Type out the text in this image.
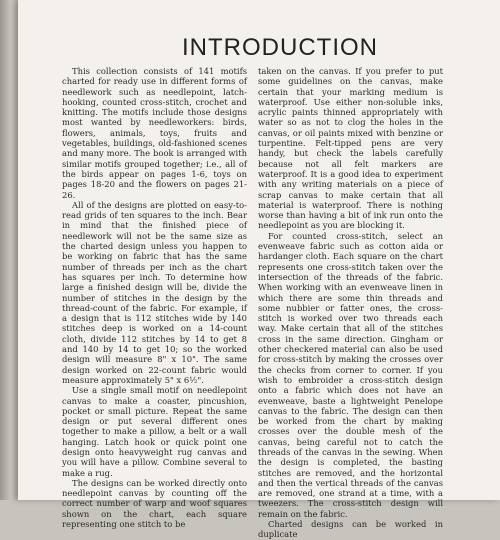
INTRODUCTION

This collection consists of 141 motifs charted for ready use in different forms of needlework such as needlepoint, latch-hooking, counted cross-stitch, crochet and knitting. The motifs include those designs most wanted by needleworkers: birds, flowers, animals, toys, fruits and vegetables, buildings, old-fashioned scenes and many more. The book is arranged with similar motifs grouped together; i.e., all of the birds appear on pages 1-6, toys on pages 18-20 and the flowers on pages 21-26.

All of the designs are plotted on easy-to-read grids of ten squares to the inch. Bear in mind that the finished piece of needlework will not be the same size as the charted design unless you happen to be working on fabric that has the same number of threads per inch as the chart has squares per inch. To determine how large a finished design will be, divide the number of stitches in the design by the thread-count of the fabric. For example, if a design that is 112 stitches wide by 140 stitches deep is worked on a 14-count cloth, divide 112 stitches by 14 to get 8 and 140 by 14 to get 10; so the worked design will measure 8" x 10". The same design worked on 22-count fabric would measure approximately 5" x 6½".

Use a single small motif on needlepoint canvas to make a coaster, pincushion, pocket or small picture. Repeat the same design or put several different ones together to make a pillow, a belt or a wall hanging. Latch hook or quick point one design onto heavyweight rug canvas and you will have a pillow. Combine several to make a rug.

The designs can be worked directly onto needlepoint canvas by counting off the correct number of warp and woof squares shown on the chart, each square representing one stitch to be

taken on the canvas. If you prefer to put some guidelines on the canvas, make certain that your marking medium is waterproof. Use either non-soluble inks, acrylic paints thinned appropriately with water so as not to clog the holes in the canvas, or oil paints mixed with benzine or turpentine. Felt-tipped pens are very handy, but check the labels carefully because not all felt markers are waterproof. It is a good idea to experiment with any writing materials on a piece of scrap canvas to make certain that all material is waterproof. There is nothing worse than having a bit of ink run onto the needlepoint as you are blocking it.

For counted cross-stitch, select an evenweave fabric such as cotton aida or hardanger cloth. Each square on the chart represents one cross-stitch taken over the intersection of the threads of the fabric. When working with an evenweave linen in which there are some thin threads and some nubbier or fatter ones, the cross-stitch is worked over two threads each way. Make certain that all of the stitches cross in the same direction. Gingham or other checkered material can also be used for cross-stitch by making the crosses over the checks from corner to corner. If you wish to embroider a cross-stitch design onto a fabric which does not have an evenweave, baste a lightweight Penelope canvas to the fabric. The design can then be worked from the chart by making crosses over the double mesh of the canvas, being careful not to catch the threads of the canvas in the sewing. When the design is completed, the basting stitches are removed, and the horizontal and then the vertical threads of the canvas are removed, one strand at a time, with a tweezers. The cross-stitch design will remain on the fabric.

Charted designs can be worked in duplicate
